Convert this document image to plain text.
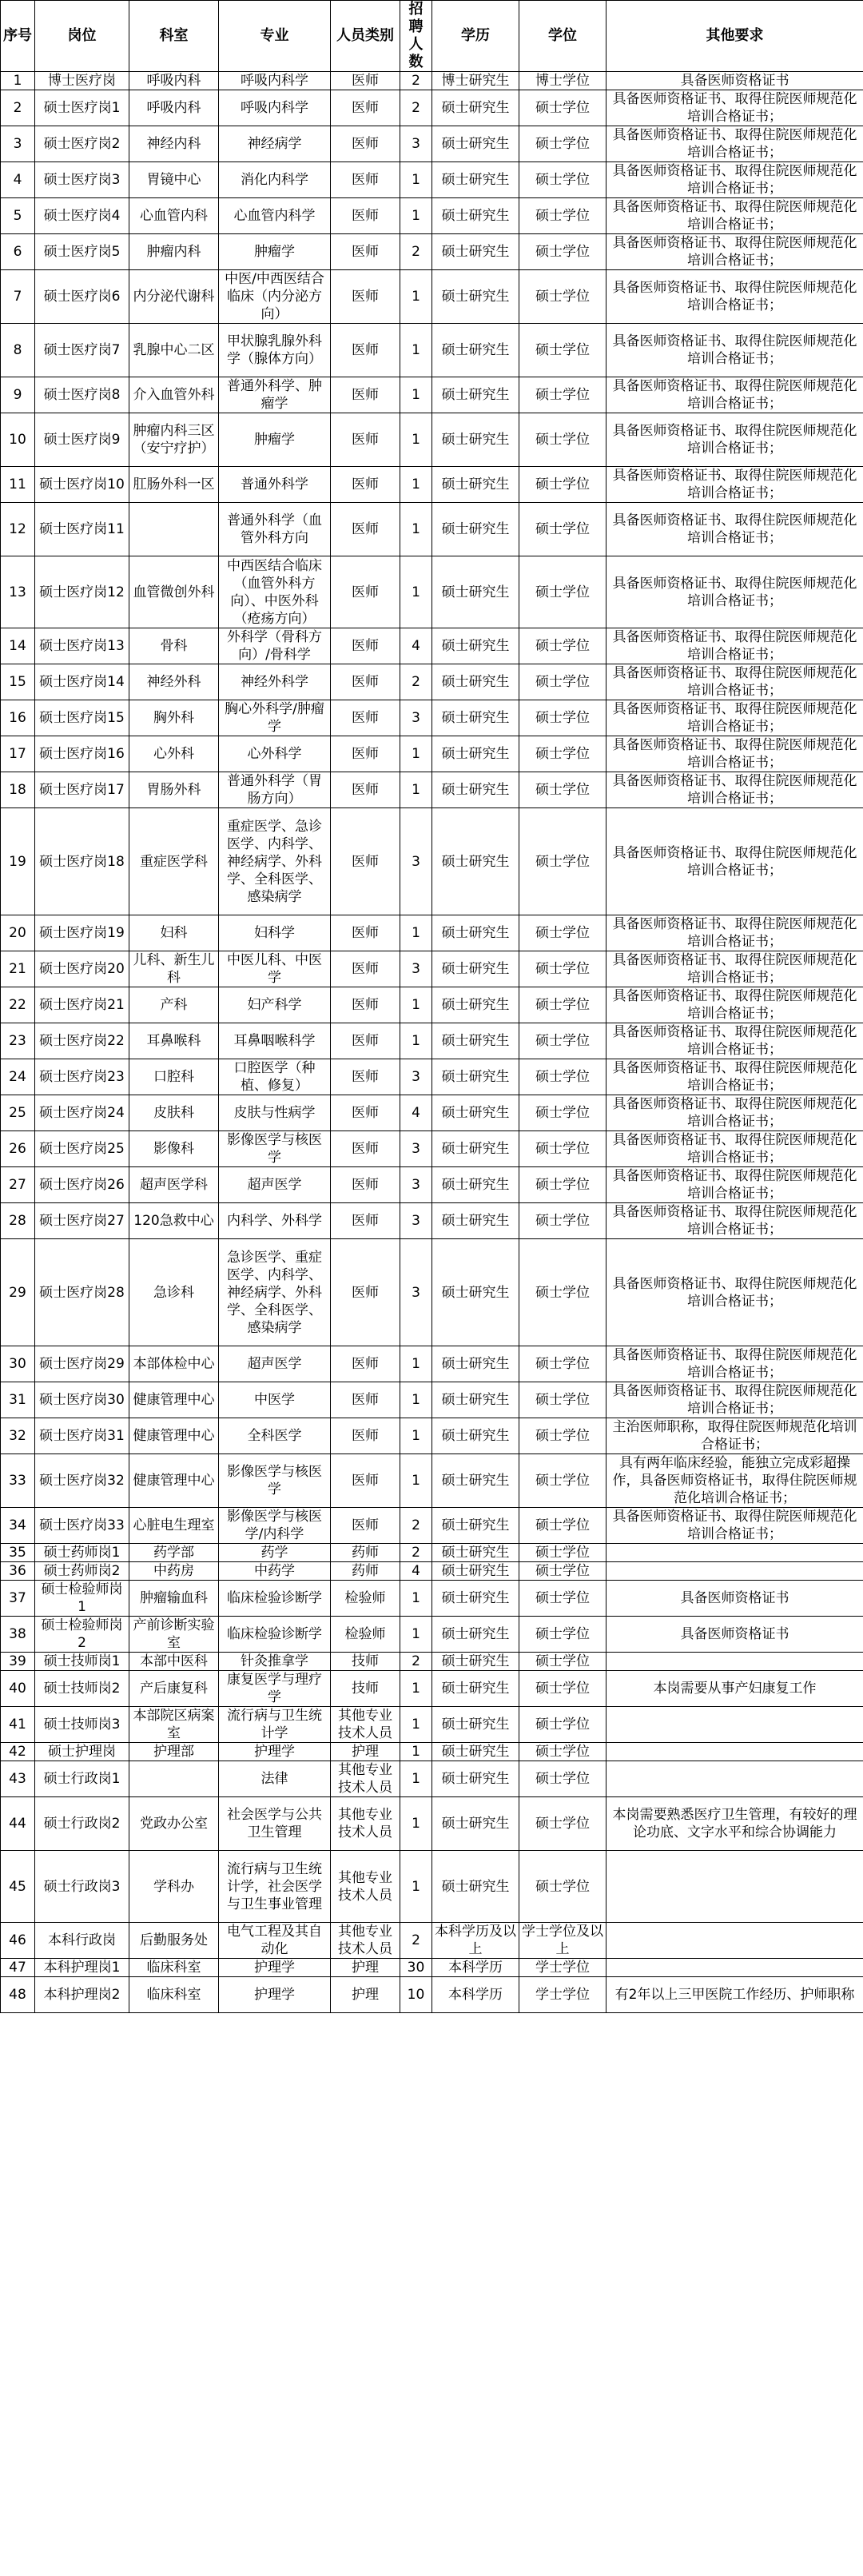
序号	岗位	科室	专业	人员类别	招聘人数	学历	学位	其他要求
1	博士医疗岗	呼吸内科	呼吸内科学	医师	2	博士研究生	博士学位	具备医师资格证书
2	硕士医疗岗1	呼吸内科	呼吸内科学	医师	2	硕士研究生	硕士学位	具备医师资格证书、取得住院医师规范化培训合格证书；
3	硕士医疗岗2	神经内科	神经病学	医师	3	硕士研究生	硕士学位	具备医师资格证书、取得住院医师规范化培训合格证书；
4	硕士医疗岗3	胃镜中心	消化内科学	医师	1	硕士研究生	硕士学位	具备医师资格证书、取得住院医师规范化培训合格证书；
5	硕士医疗岗4	心血管内科	心血管内科学	医师	1	硕士研究生	硕士学位	具备医师资格证书、取得住院医师规范化培训合格证书；
6	硕士医疗岗5	肿瘤内科	肿瘤学	医师	2	硕士研究生	硕士学位	具备医师资格证书、取得住院医师规范化培训合格证书；
7	硕士医疗岗6	内分泌代谢科	中医/中西医结合临床（内分泌方向）	医师	1	硕士研究生	硕士学位	具备医师资格证书、取得住院医师规范化培训合格证书；
8	硕士医疗岗7	乳腺中心二区	甲状腺乳腺外科学（腺体方向）	医师	1	硕士研究生	硕士学位	具备医师资格证书、取得住院医师规范化培训合格证书；
9	硕士医疗岗8	介入血管外科	普通外科学、肿瘤学	医师	1	硕士研究生	硕士学位	具备医师资格证书、取得住院医师规范化培训合格证书；
10	硕士医疗岗9	肿瘤内科三区（安宁疗护）	肿瘤学	医师	1	硕士研究生	硕士学位	具备医师资格证书、取得住院医师规范化培训合格证书；
11	硕士医疗岗10	肛肠外科一区	普通外科学	医师	1	硕士研究生	硕士学位	具备医师资格证书、取得住院医师规范化培训合格证书；
12	硕士医疗岗11		普通外科学（血管外科方向	医师	1	硕士研究生	硕士学位	具备医师资格证书、取得住院医师规范化培训合格证书；
13	硕士医疗岗12	血管微创外科	中西医结合临床（血管外科方向）、中医外科（疮疡方向）	医师	1	硕士研究生	硕士学位	具备医师资格证书、取得住院医师规范化培训合格证书；
14	硕士医疗岗13	骨科	外科学（骨科方向）/骨科学	医师	4	硕士研究生	硕士学位	具备医师资格证书、取得住院医师规范化培训合格证书；
15	硕士医疗岗14	神经外科	神经外科学	医师	2	硕士研究生	硕士学位	具备医师资格证书、取得住院医师规范化培训合格证书；
16	硕士医疗岗15	胸外科	胸心外科学/肿瘤学	医师	3	硕士研究生	硕士学位	具备医师资格证书、取得住院医师规范化培训合格证书；
17	硕士医疗岗16	心外科	心外科学	医师	1	硕士研究生	硕士学位	具备医师资格证书、取得住院医师规范化培训合格证书；
18	硕士医疗岗17	胃肠外科	普通外科学（胃肠方向）	医师	1	硕士研究生	硕士学位	具备医师资格证书、取得住院医师规范化培训合格证书；
19	硕士医疗岗18	重症医学科	重症医学、急诊医学、内科学、神经病学、外科学、全科医学、感染病学	医师	3	硕士研究生	硕士学位	具备医师资格证书、取得住院医师规范化培训合格证书；
20	硕士医疗岗19	妇科	妇科学	医师	1	硕士研究生	硕士学位	具备医师资格证书、取得住院医师规范化培训合格证书；
21	硕士医疗岗20	儿科、新生儿科	中医儿科、中医学	医师	3	硕士研究生	硕士学位	具备医师资格证书、取得住院医师规范化培训合格证书；
22	硕士医疗岗21	产科	妇产科学	医师	1	硕士研究生	硕士学位	具备医师资格证书、取得住院医师规范化培训合格证书；
23	硕士医疗岗22	耳鼻喉科	耳鼻咽喉科学	医师	1	硕士研究生	硕士学位	具备医师资格证书、取得住院医师规范化培训合格证书；
24	硕士医疗岗23	口腔科	口腔医学（种植、修复）	医师	3	硕士研究生	硕士学位	具备医师资格证书、取得住院医师规范化培训合格证书；
25	硕士医疗岗24	皮肤科	皮肤与性病学	医师	4	硕士研究生	硕士学位	具备医师资格证书、取得住院医师规范化培训合格证书；
26	硕士医疗岗25	影像科	影像医学与核医学	医师	3	硕士研究生	硕士学位	具备医师资格证书、取得住院医师规范化培训合格证书；
27	硕士医疗岗26	超声医学科	超声医学	医师	3	硕士研究生	硕士学位	具备医师资格证书、取得住院医师规范化培训合格证书；
28	硕士医疗岗27	120急救中心	内科学、外科学	医师	3	硕士研究生	硕士学位	具备医师资格证书、取得住院医师规范化培训合格证书；
29	硕士医疗岗28	急诊科	急诊医学、重症医学、内科学、神经病学、外科学、全科医学、感染病学	医师	3	硕士研究生	硕士学位	具备医师资格证书、取得住院医师规范化培训合格证书；
30	硕士医疗岗29	本部体检中心	超声医学	医师	1	硕士研究生	硕士学位	具备医师资格证书、取得住院医师规范化培训合格证书；
31	硕士医疗岗30	健康管理中心	中医学	医师	1	硕士研究生	硕士学位	具备医师资格证书、取得住院医师规范化培训合格证书；
32	硕士医疗岗31	健康管理中心	全科医学	医师	1	硕士研究生	硕士学位	主治医师职称，取得住院医师规范化培训合格证书；
33	硕士医疗岗32	健康管理中心	影像医学与核医学	医师	1	硕士研究生	硕士学位	具有两年临床经验，能独立完成彩超操作，具备医师资格证书，取得住院医师规范化培训合格证书；
34	硕士医疗岗33	心脏电生理室	影像医学与核医学/内科学	医师	2	硕士研究生	硕士学位	具备医师资格证书、取得住院医师规范化培训合格证书；
35	硕士药师岗1	药学部	药学	药师	2	硕士研究生	硕士学位	
36	硕士药师岗2	中药房	中药学	药师	4	硕士研究生	硕士学位	
37	硕士检验师岗1	肿瘤输血科	临床检验诊断学	检验师	1	硕士研究生	硕士学位	具备医师资格证书
38	硕士检验师岗2	产前诊断实验室	临床检验诊断学	检验师	1	硕士研究生	硕士学位	具备医师资格证书
39	硕士技师岗1	本部中医科	针灸推拿学	技师	2	硕士研究生	硕士学位	
40	硕士技师岗2	产后康复科	康复医学与理疗学	技师	1	硕士研究生	硕士学位	本岗需要从事产妇康复工作
41	硕士技师岗3	本部院区病案室	流行病与卫生统计学	其他专业技术人员	1	硕士研究生	硕士学位	
42	硕士护理岗	护理部	护理学	护理	1	硕士研究生	硕士学位	
43	硕士行政岗1		法律	其他专业技术人员	1	硕士研究生	硕士学位	
44	硕士行政岗2	党政办公室	社会医学与公共卫生管理	其他专业技术人员	1	硕士研究生	硕士学位	本岗需要熟悉医疗卫生管理，有较好的理论功底、文字水平和综合协调能力
45	硕士行政岗3	学科办	流行病与卫生统计学，社会医学与卫生事业管理	其他专业技术人员	1	硕士研究生	硕士学位	
46	本科行政岗	后勤服务处	电气工程及其自动化	其他专业技术人员	2	本科学历及以上	学士学位及以上	
47	本科护理岗1	临床科室	护理学	护理	30	本科学历	学士学位	
48	本科护理岗2	临床科室	护理学	护理	10	本科学历	学士学位	有2年以上三甲医院工作经历、护师职称
